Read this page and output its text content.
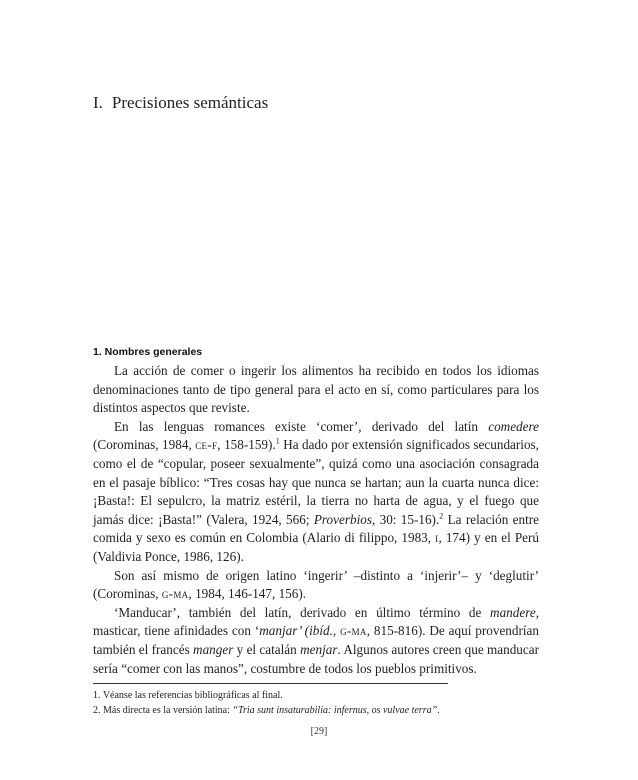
I. Precisiones semánticas
1. Nombres generales

La acción de comer o ingerir los alimentos ha recibido en todos los idiomas denominaciones tanto de tipo general para el acto en sí, como particulares para los distintos aspectos que reviste.

En las lenguas romances existe ‘comer’, derivado del latín comedere (Corominas, 1984, ce-f, 158-159).$^1$ Ha dado por extensión significados secundarios, como el de “copular, poseer sexualmente”, quizá como una asociación consagrada en el pasaje bíblico: “Tres cosas hay que nunca se hartan; aun la cuarta nunca dice: ¡Basta!: El sepulcro, la matriz estéril, la tierra no harta de agua, y el fuego que jamás dice: ¡Basta!” (Valera, 1924, 566; Proverbios, 30: 15-16).$^2$ La relación entre comida y sexo es común en Colombia (Alario di filippo, 1983, i, 174) y en el Perú (Valdivia Ponce, 1986, 126).

Son así mismo de origen latino ‘ingerir’ –distinto a ‘injerir’– y ‘deglutir’ (Corominas, g-ma, 1984, 146-147, 156).

‘Manducar’, también del latín, derivado en último término de mandere, masticar, tiene afinidades con ‘manjar’ (ibíd., g-ma, 815-816). De aquí provendrían también el francés manger y el catalán menjar. Algunos autores creen que manducar sería “comer con las manos”, costumbre de todos los pueblos primitivos.

1. Véanse las referencias bibliográficas al final.
2. Más directa es la versión latina: “Tria sunt insaturabilia: infernus, os vulvae terra”.
[29]
